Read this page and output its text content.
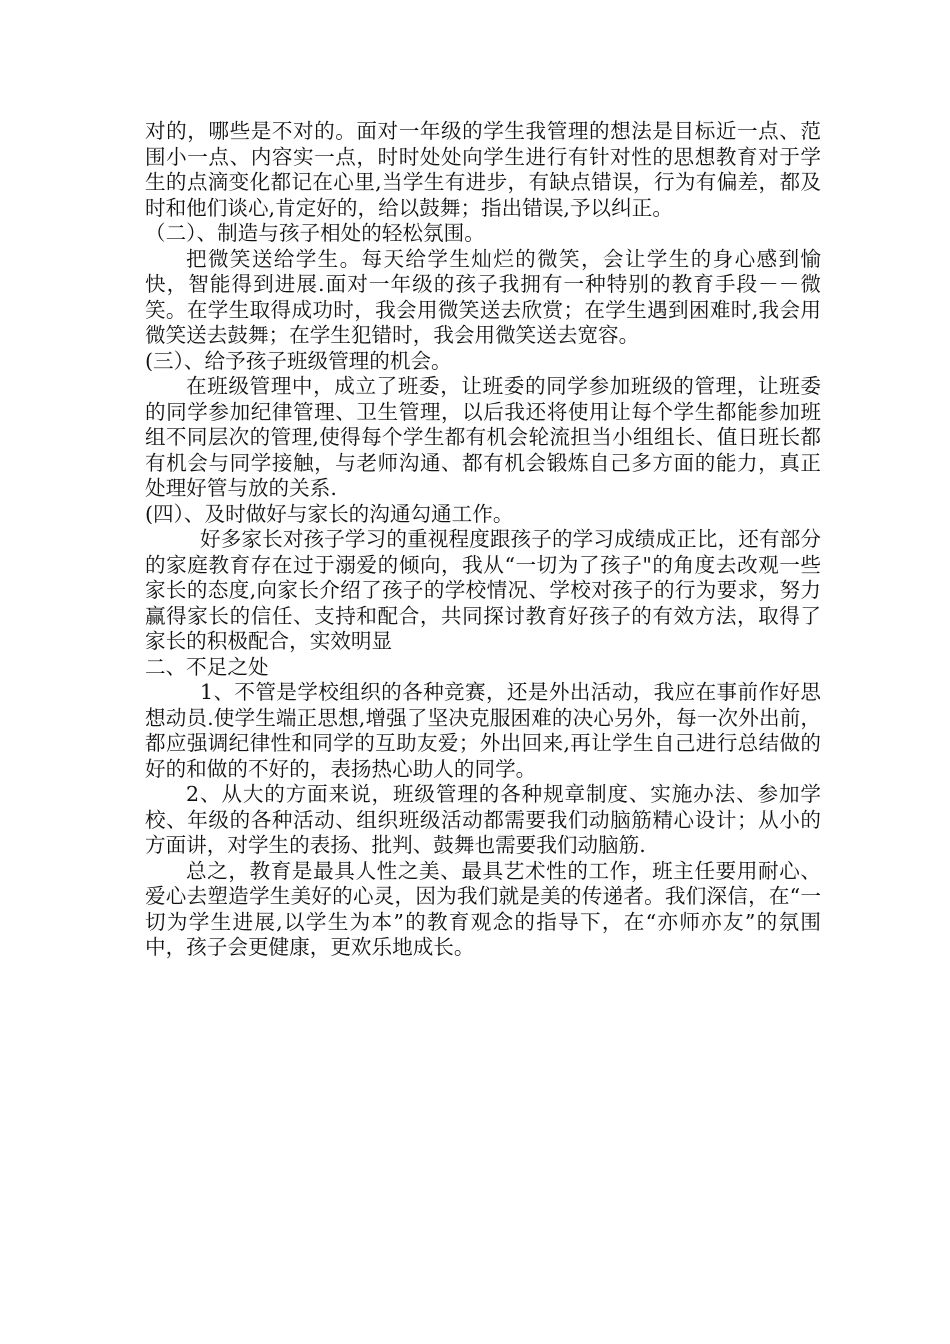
对的，哪些是不对的。面对一年级的学生我管理的想法是目标近一点、范围小一点、内容实一点，时时处处向学生进行有针对性的思想教育对于学生的点滴变化都记在心里,当学生有进步，有缺点错误，行为有偏差，都及时和他们谈心,肯定好的，给以鼓舞；指出错误,予以纠正。

（二）、制造与孩子相处的轻松氛围。

把微笑送给学生。每天给学生灿烂的微笑，会让学生的身心感到愉快，智能得到进展.面对一年级的孩子我拥有一种特别的教育手段－－微笑。在学生取得成功时，我会用微笑送去欣赏；在学生遇到困难时,我会用微笑送去鼓舞；在学生犯错时，我会用微笑送去宽容。

(三）、给予孩子班级管理的机会。

在班级管理中，成立了班委，让班委的同学参加班级的管理，让班委的同学参加纪律管理、卫生管理，以后我还将使用让每个学生都能参加班组不同层次的管理,使得每个学生都有机会轮流担当小组组长、值日班长都有机会与同学接触，与老师沟通、都有机会锻炼自己多方面的能力，真正处理好管与放的关系.

(四）、及时做好与家长的沟通勾通工作。

好多家长对孩子学习的重视程度跟孩子的学习成绩成正比，还有部分的家庭教育存在过于溺爱的倾向，我从“一切为了孩子"的角度去改观一些家长的态度,向家长介绍了孩子的学校情况、学校对孩子的行为要求，努力赢得家长的信任、支持和配合，共同探讨教育好孩子的有效方法，取得了家长的积极配合，实效明显

二、不足之处

1、不管是学校组织的各种竞赛，还是外出活动，我应在事前作好思想动员.使学生端正思想,增强了坚决克服困难的决心另外，每一次外出前，都应强调纪律性和同学的互助友爱；外出回来,再让学生自己进行总结做的好的和做的不好的，表扬热心助人的同学。

2、从大的方面来说，班级管理的各种规章制度、实施办法、参加学校、年级的各种活动、组织班级活动都需要我们动脑筋精心设计；从小的方面讲，对学生的表扬、批判、鼓舞也需要我们动脑筋.

总之，教育是最具人性之美、最具艺术性的工作，班主任要用耐心、爱心去塑造学生美好的心灵，因为我们就是美的传递者。我们深信，在“一切为学生进展,以学生为本”的教育观念的指导下，在“亦师亦友”的氛围中，孩子会更健康，更欢乐地成长。
